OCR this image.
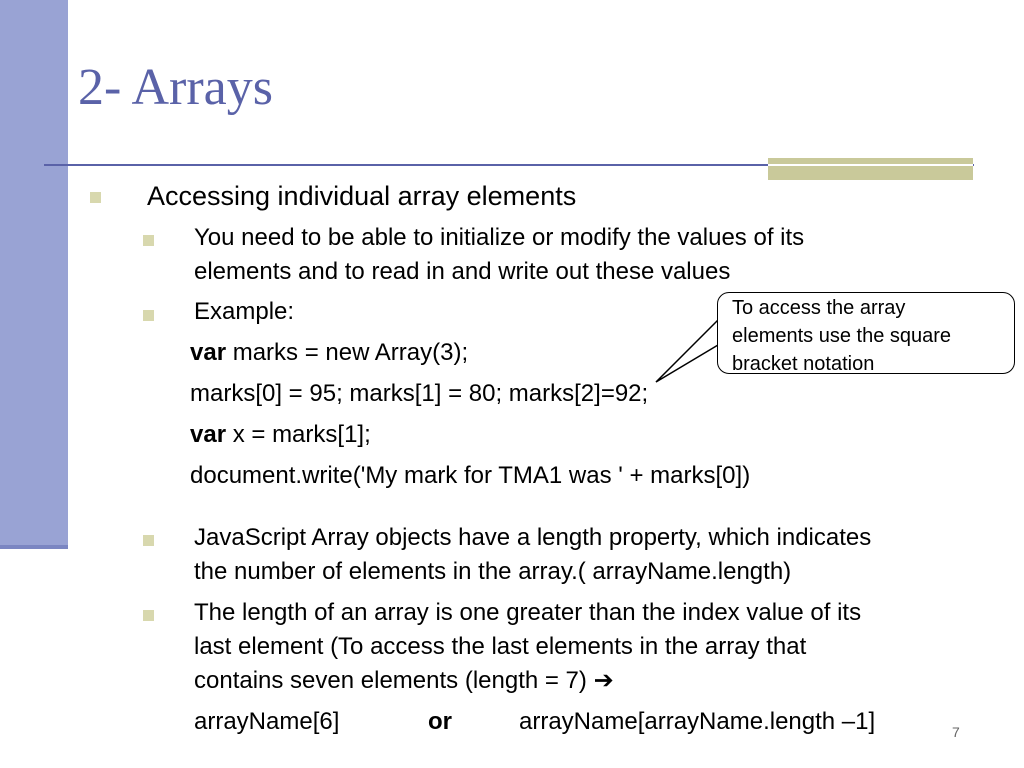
2- Arrays
Accessing individual array elements
You need to be able to initialize or modify the values of its
elements and to read in and write out these values
Example:
var marks = new Array(3);
marks[0] = 95; marks[1] = 80; marks[2]=92;
var x = marks[1];
document.write('My mark for TMA1 was ' + marks[0])
JavaScript Array objects have a length property, which indicates
the number of elements in the array.( arrayName.length)
The length of an array is one greater than the index value of its
last element (To access the last elements in the array that
contains seven elements (length = 7) ➔
arrayName[6]	or	arrayName[arrayName.length –1]
To access the array
elements use the square
bracket notation
7
